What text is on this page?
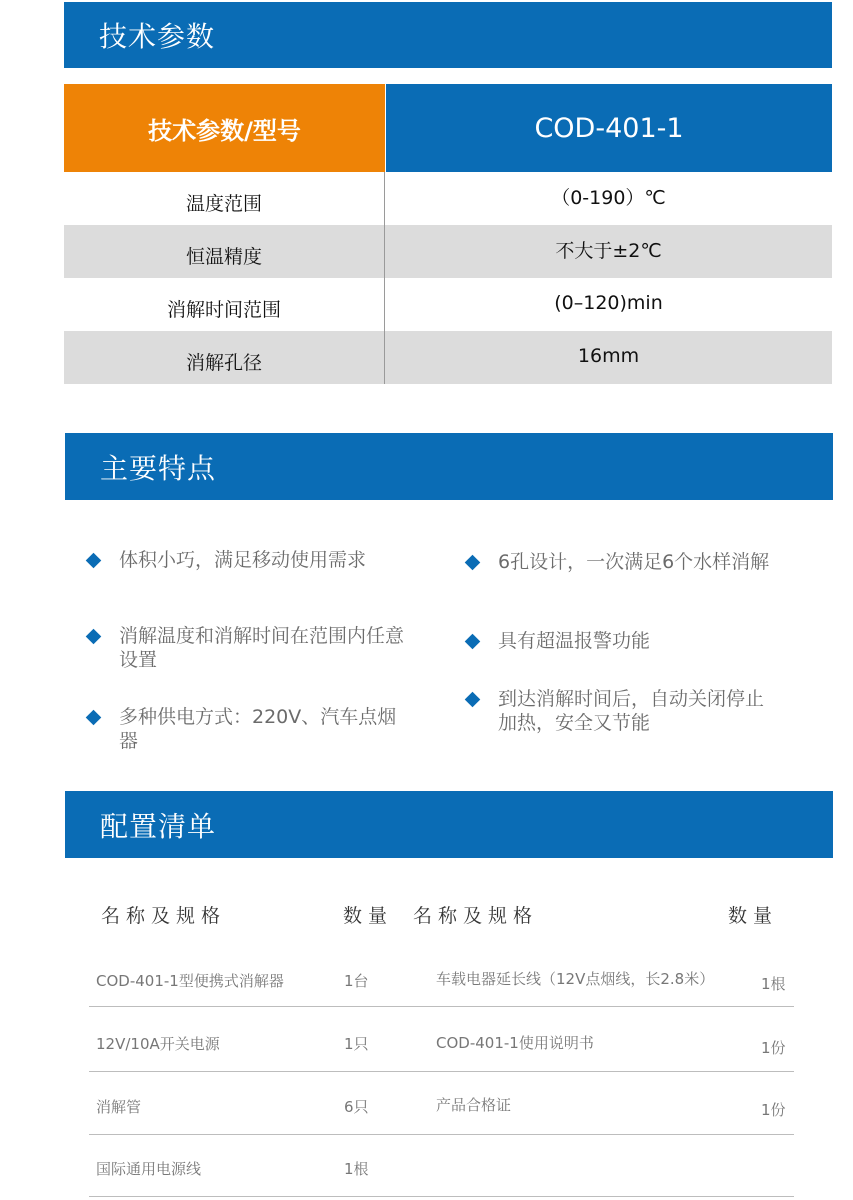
技术参数
技术参数/型号	COD-401-1
温度范围	（0-190）℃
恒温精度	不大于±2℃
消解时间范围	(0–120)min
消解孔径	16mm
主要特点
体积小巧，满足移动使用需求
消解温度和消解时间在范围内任意设置
多种供电方式：220V、汽车点烟器
6孔设计，一次满足6个水样消解
具有超温报警功能
到达消解时间后，自动关闭停止加热，安全又节能
配置清单
名称及规格	数量 名称及规格	数量
COD-401-1型便携式消解器	1台	车载电器延长线（12V点烟线，长2.8米）	1根
12V/10A开关电源	1只	COD-401-1使用说明书	1份
消解管	6只	产品合格证	1份
国际通用电源线	1根
